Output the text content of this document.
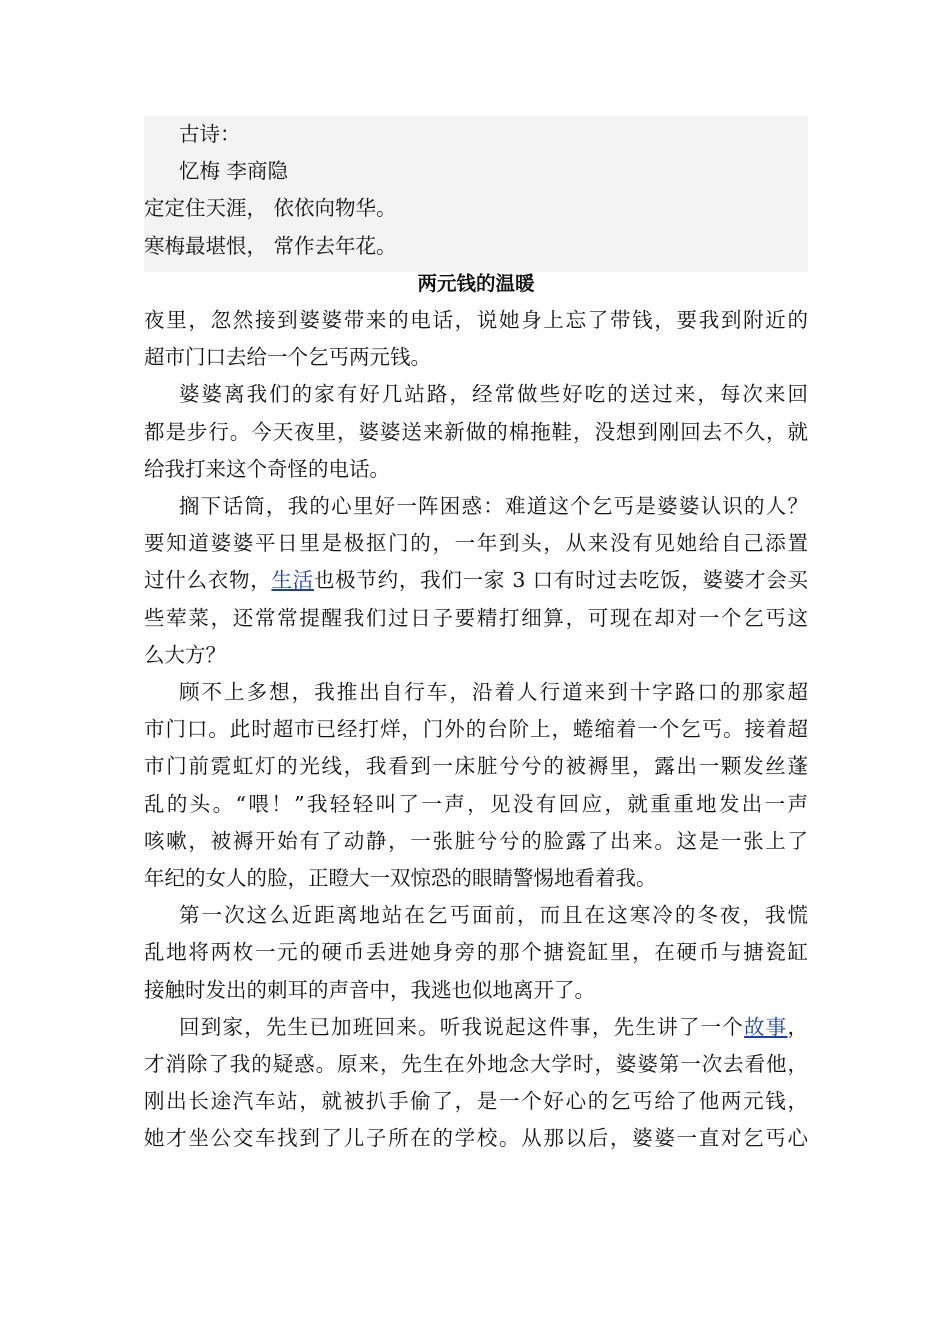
古诗：
忆梅 李商隐
定定住天涯， 依依向物华。
寒梅最堪恨， 常作去年花。
两元钱的温暖
夜里，忽然接到婆婆带来的电话，说她身上忘了带钱，要我到附近的
超市门口去给一个乞丐两元钱。
婆婆离我们的家有好几站路，经常做些好吃的送过来，每次来回
都是步行。今天夜里，婆婆送来新做的棉拖鞋，没想到刚回去不久，就
给我打来这个奇怪的电话。
搁下话筒，我的心里好一阵困惑：难道这个乞丐是婆婆认识的人？
要知道婆婆平日里是极抠门的，一年到头，从来没有见她给自己添置
过什么衣物，生活也极节约，我们一家 3 口有时过去吃饭，婆婆才会买
些荤菜，还常常提醒我们过日子要精打细算，可现在却对一个乞丐这
么大方？
顾不上多想，我推出自行车，沿着人行道来到十字路口的那家超
市门口。此时超市已经打烊，门外的台阶上，蜷缩着一个乞丐。接着超
市门前霓虹灯的光线，我看到一床脏兮兮的被褥里，露出一颗发丝蓬
乱的头。“喂！”我轻轻叫了一声，见没有回应，就重重地发出一声
咳嗽，被褥开始有了动静，一张脏兮兮的脸露了出来。这是一张上了
年纪的女人的脸，正瞪大一双惊恐的眼睛警惕地看着我。
第一次这么近距离地站在乞丐面前，而且在这寒冷的冬夜，我慌
乱地将两枚一元的硬币丢进她身旁的那个搪瓷缸里，在硬币与搪瓷缸
接触时发出的刺耳的声音中，我逃也似地离开了。
回到家，先生已加班回来。听我说起这件事，先生讲了一个故事，
才消除了我的疑惑。原来，先生在外地念大学时，婆婆第一次去看他，
刚出长途汽车站，就被扒手偷了，是一个好心的乞丐给了他两元钱，
她才坐公交车找到了儿子所在的学校。从那以后，婆婆一直对乞丐心
